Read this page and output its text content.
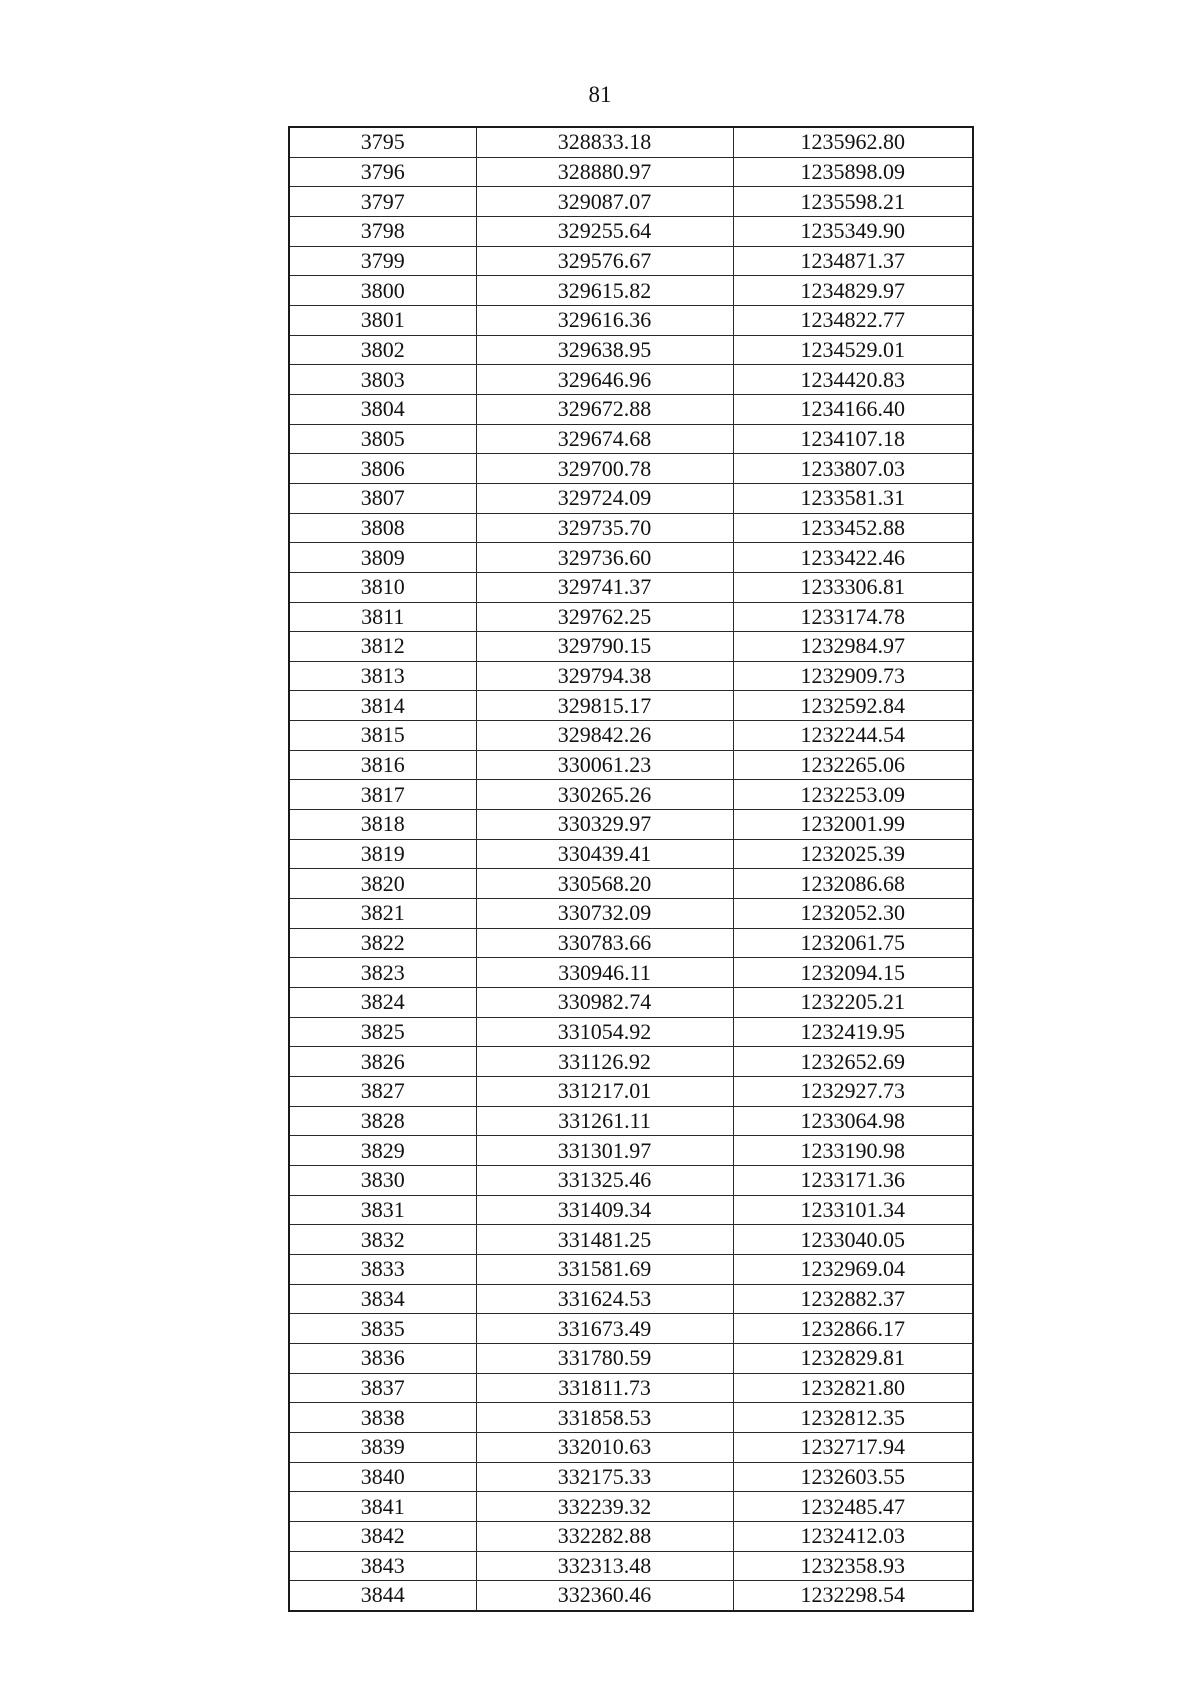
81
3795	328833.18	1235962.80
3796	328880.97	1235898.09
3797	329087.07	1235598.21
3798	329255.64	1235349.90
3799	329576.67	1234871.37
3800	329615.82	1234829.97
3801	329616.36	1234822.77
3802	329638.95	1234529.01
3803	329646.96	1234420.83
3804	329672.88	1234166.40
3805	329674.68	1234107.18
3806	329700.78	1233807.03
3807	329724.09	1233581.31
3808	329735.70	1233452.88
3809	329736.60	1233422.46
3810	329741.37	1233306.81
3811	329762.25	1233174.78
3812	329790.15	1232984.97
3813	329794.38	1232909.73
3814	329815.17	1232592.84
3815	329842.26	1232244.54
3816	330061.23	1232265.06
3817	330265.26	1232253.09
3818	330329.97	1232001.99
3819	330439.41	1232025.39
3820	330568.20	1232086.68
3821	330732.09	1232052.30
3822	330783.66	1232061.75
3823	330946.11	1232094.15
3824	330982.74	1232205.21
3825	331054.92	1232419.95
3826	331126.92	1232652.69
3827	331217.01	1232927.73
3828	331261.11	1233064.98
3829	331301.97	1233190.98
3830	331325.46	1233171.36
3831	331409.34	1233101.34
3832	331481.25	1233040.05
3833	331581.69	1232969.04
3834	331624.53	1232882.37
3835	331673.49	1232866.17
3836	331780.59	1232829.81
3837	331811.73	1232821.80
3838	331858.53	1232812.35
3839	332010.63	1232717.94
3840	332175.33	1232603.55
3841	332239.32	1232485.47
3842	332282.88	1232412.03
3843	332313.48	1232358.93
3844	332360.46	1232298.54
